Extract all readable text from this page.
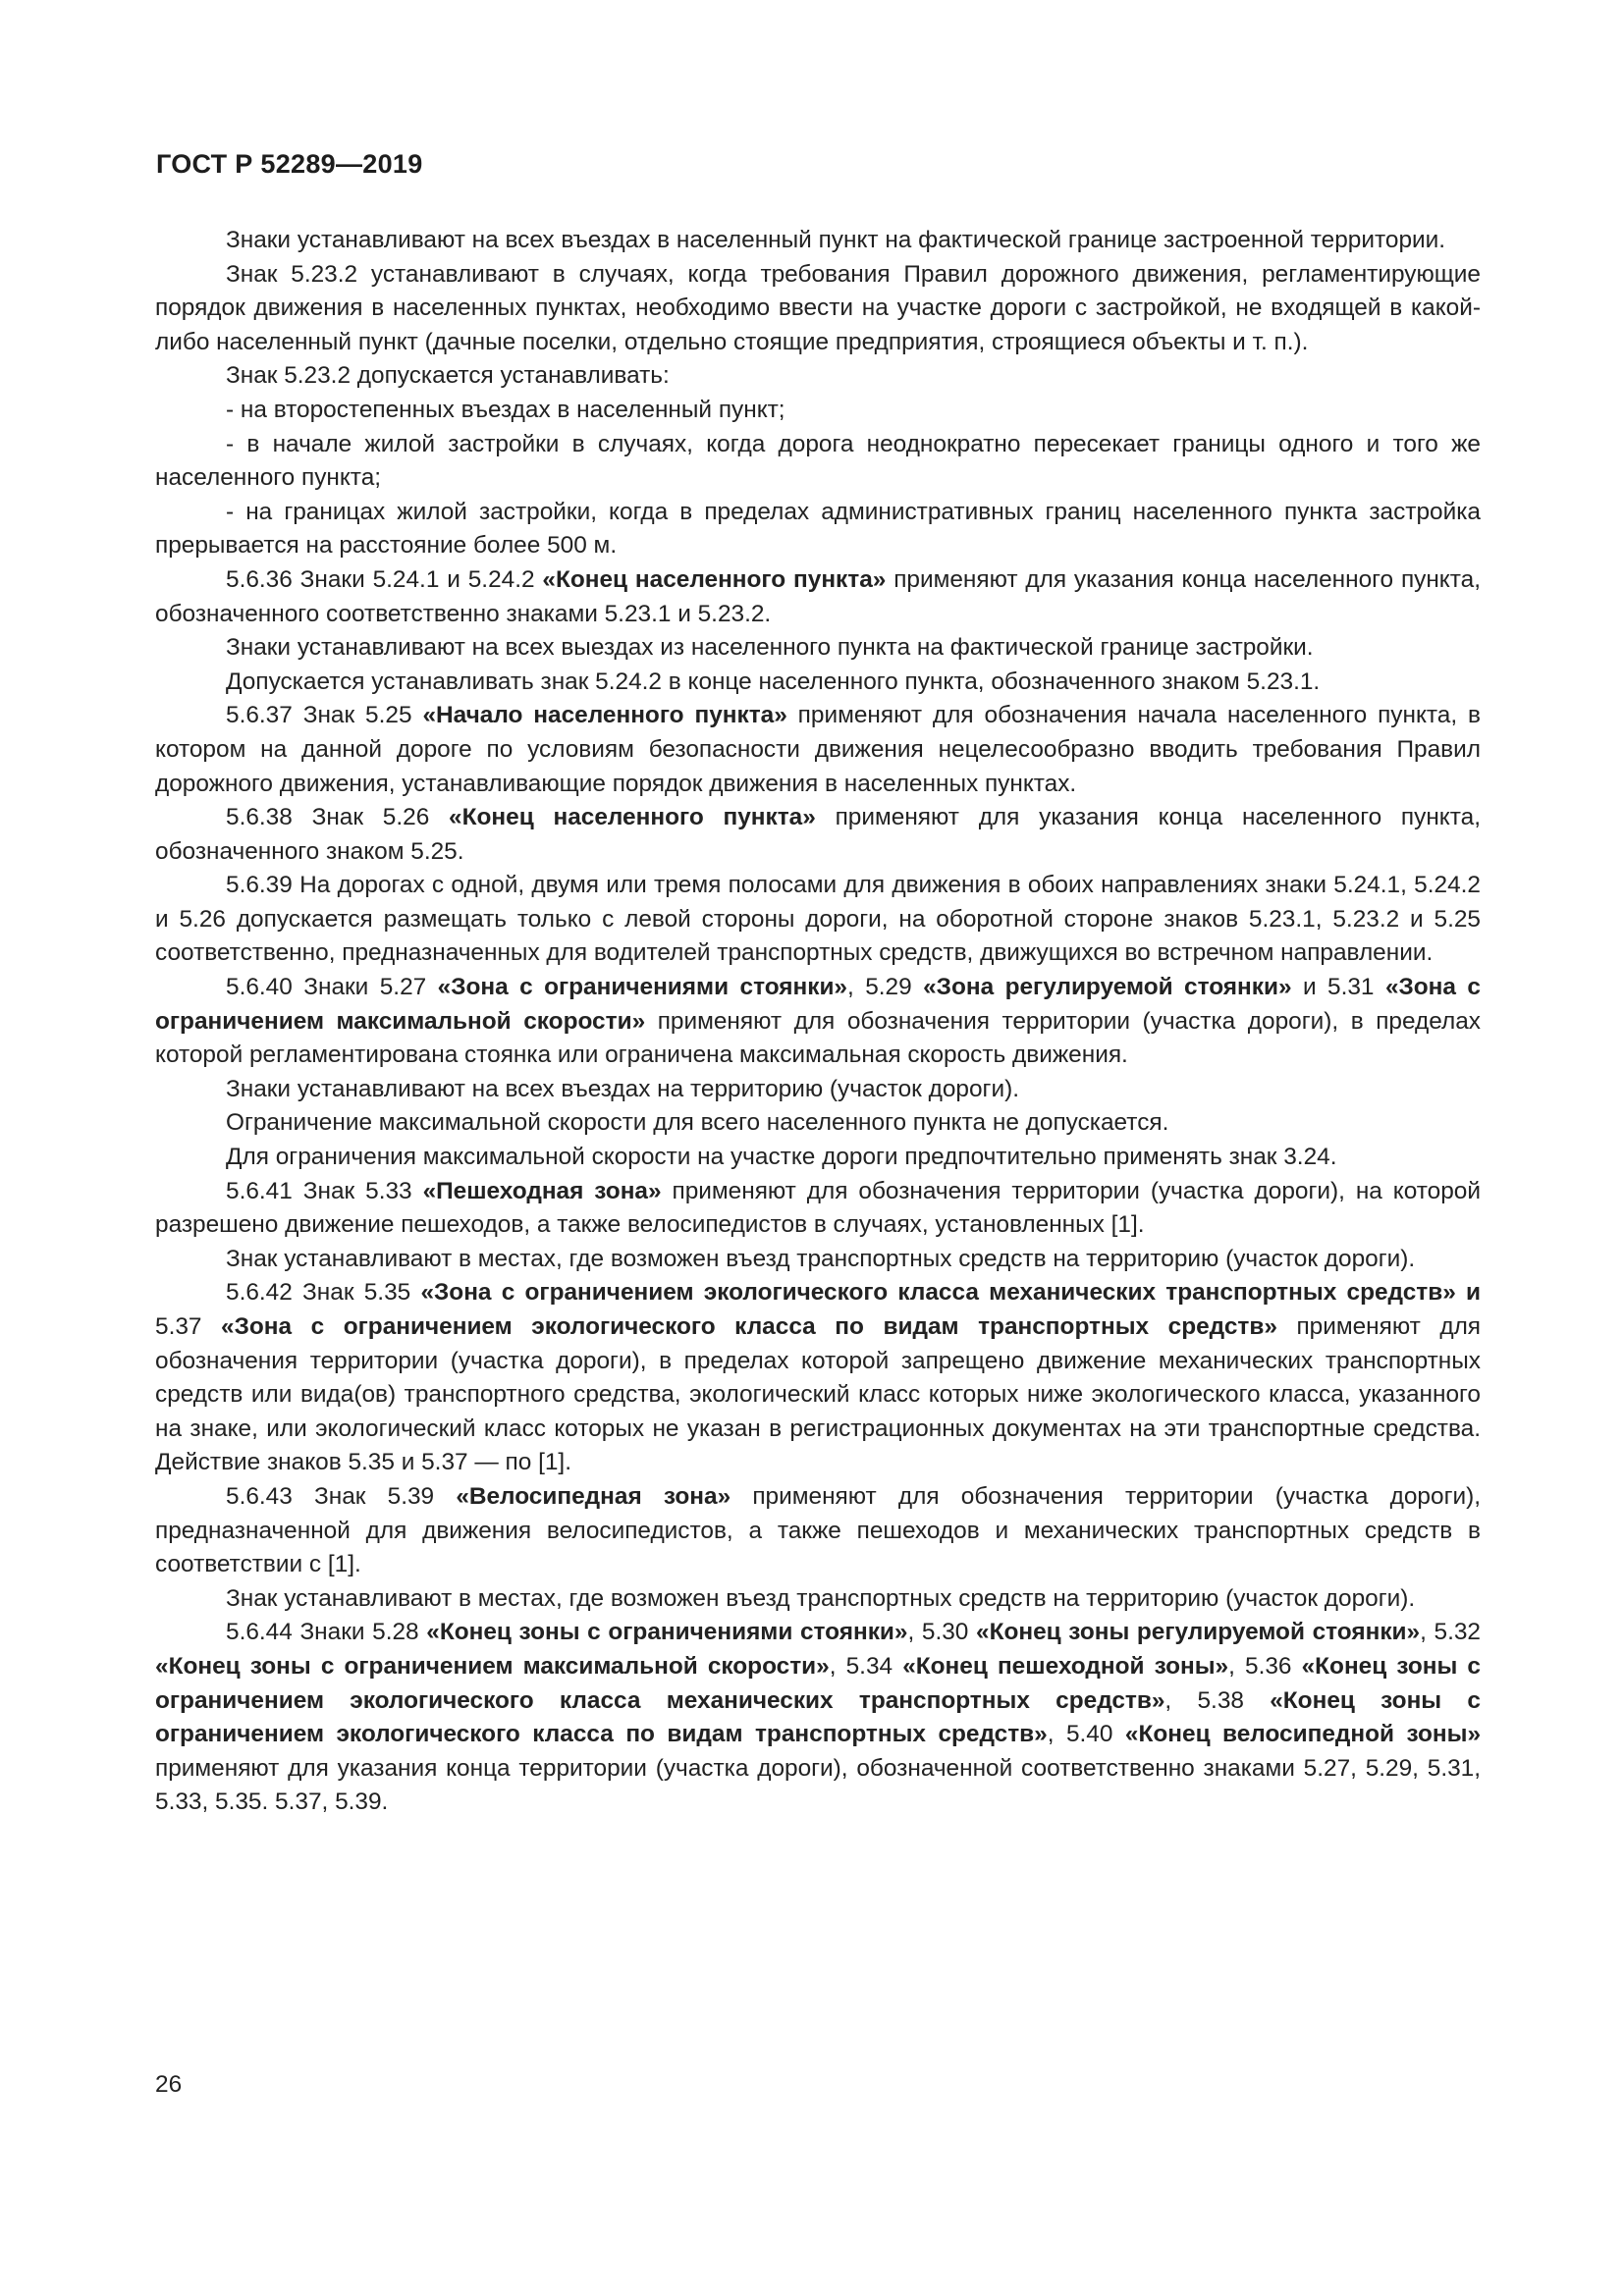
ГОСТ Р 52289—2019

Знаки устанавливают на всех въездах в населенный пункт на фактической границе застроенной территории.

Знак 5.23.2 устанавливают в случаях, когда требования Правил дорожного движения, регламентирующие порядок движения в населенных пунктах, необходимо ввести на участке дороги с застройкой, не входящей в какой-либо населенный пункт (дачные поселки, отдельно стоящие предприятия, строящиеся объекты и т. п.).

Знак 5.23.2 допускается устанавливать:

- на второстепенных въездах в населенный пункт;

- в начале жилой застройки в случаях, когда дорога неоднократно пересекает границы одного и того же населенного пункта;

- на границах жилой застройки, когда в пределах административных границ населенного пункта застройка прерывается на расстояние более 500 м.

5.6.36 Знаки 5.24.1 и 5.24.2 «Конец населенного пункта» применяют для указания конца населенного пункта, обозначенного соответственно знаками 5.23.1 и 5.23.2.

Знаки устанавливают на всех выездах из населенного пункта на фактической границе застройки.

Допускается устанавливать знак 5.24.2 в конце населенного пункта, обозначенного знаком 5.23.1.

5.6.37 Знак 5.25 «Начало населенного пункта» применяют для обозначения начала населенного пункта, в котором на данной дороге по условиям безопасности движения нецелесообразно вводить требования Правил дорожного движения, устанавливающие порядок движения в населенных пунктах.

5.6.38 Знак 5.26 «Конец населенного пункта» применяют для указания конца населенного пункта, обозначенного знаком 5.25.

5.6.39 На дорогах с одной, двумя или тремя полосами для движения в обоих направлениях знаки 5.24.1, 5.24.2 и 5.26 допускается размещать только с левой стороны дороги, на оборотной стороне знаков 5.23.1, 5.23.2 и 5.25 соответственно, предназначенных для водителей транспортных средств, движущихся во встречном направлении.

5.6.40 Знаки 5.27 «Зона с ограничениями стоянки», 5.29 «Зона регулируемой стоянки» и 5.31 «Зона с ограничением максимальной скорости» применяют для обозначения территории (участка дороги), в пределах которой регламентирована стоянка или ограничена максимальная скорость движения.

Знаки устанавливают на всех въездах на территорию (участок дороги).

Ограничение максимальной скорости для всего населенного пункта не допускается.

Для ограничения максимальной скорости на участке дороги предпочтительно применять знак 3.24.

5.6.41 Знак 5.33 «Пешеходная зона» применяют для обозначения территории (участка дороги), на которой разрешено движение пешеходов, а также велосипедистов в случаях, установленных [1].

Знак устанавливают в местах, где возможен въезд транспортных средств на территорию (участок дороги).

5.6.42 Знак 5.35 «Зона с ограничением экологического класса механических транспортных средств» и 5.37 «Зона с ограничением экологического класса по видам транспортных средств» применяют для обозначения территории (участка дороги), в пределах которой запрещено движение механических транспортных средств или вида(ов) транспортного средства, экологический класс которых ниже экологического класса, указанного на знаке, или экологический класс которых не указан в регистрационных документах на эти транспортные средства. Действие знаков 5.35 и 5.37 — по [1].

5.6.43 Знак 5.39 «Велосипедная зона» применяют для обозначения территории (участка дороги), предназначенной для движения велосипедистов, а также пешеходов и механических транспортных средств в соответствии с [1].

Знак устанавливают в местах, где возможен въезд транспортных средств на территорию (участок дороги).

5.6.44 Знаки 5.28 «Конец зоны с ограничениями стоянки», 5.30 «Конец зоны регулируемой стоянки», 5.32 «Конец зоны с ограничением максимальной скорости», 5.34 «Конец пешеходной зоны», 5.36 «Конец зоны с ограничением экологического класса механических транспортных средств», 5.38 «Конец зоны с ограничением экологического класса по видам транспортных средств», 5.40 «Конец велосипедной зоны» применяют для указания конца территории (участка дороги), обозначенной соответственно знаками 5.27, 5.29, 5.31, 5.33, 5.35. 5.37, 5.39.

26
